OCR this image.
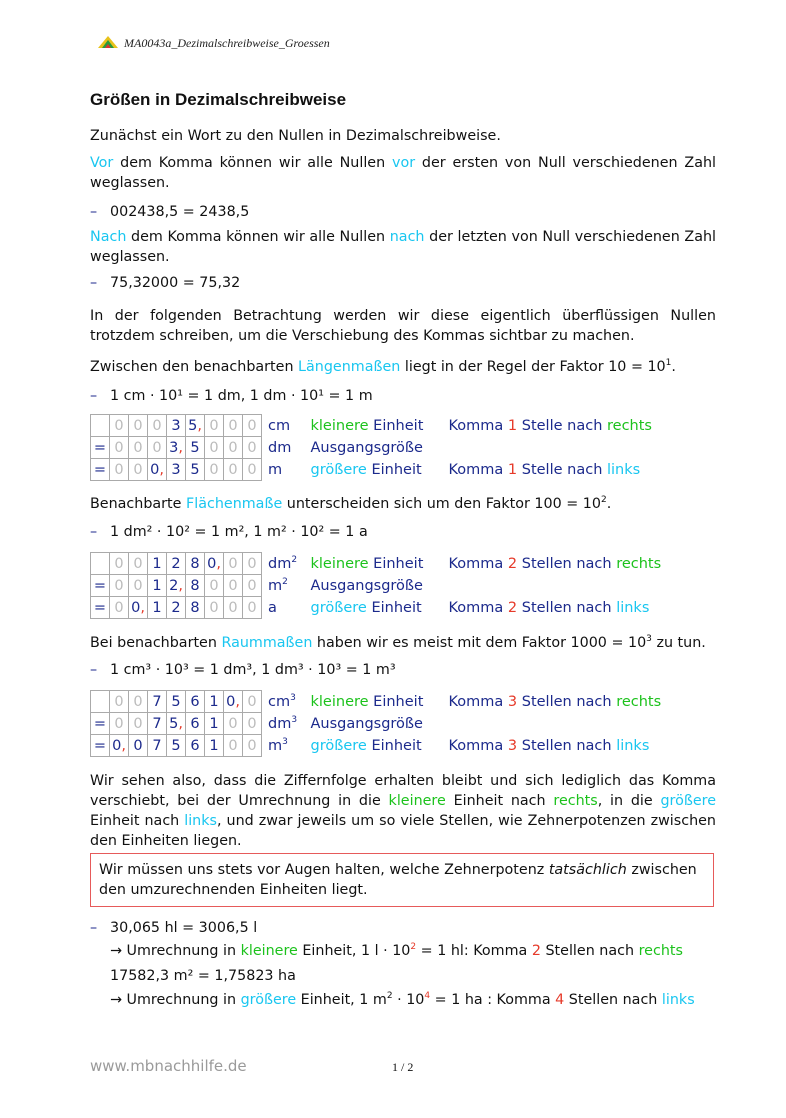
MA0043a_Dezimalschreibweise_Groessen
Größen in Dezimalschreibweise
Zunächst ein Wort zu den Nullen in Dezimalschreibweise.
Vor dem Komma können wir alle Nullen vor der ersten von Null verschiedenen Zahl weglassen.
– 002438,5 = 2438,5
Nach dem Komma können wir alle Nullen nach der letzten von Null verschiedenen Zahl weglassen.
– 75,32000 = 75,32
In der folgenden Betrachtung werden wir diese eigentlich überflüssigen Nullen trotzdem schreiben, um die Verschiebung des Kommas sichtbar zu machen.
Zwischen den benachbarten Längenmaßen liegt in der Regel der Faktor $10 = 10^1$.
– 1 cm · 10¹ = 1 dm, 1 dm · 10¹ = 1 m
	0	0	0	3	5,	0	0	0	cm	kleinere Einheit	Komma 1 Stelle nach rechts
=	0	0	0	3,	5	0	0	0	dm	Ausgangsgröße	
=	0	0	0,	3	5	0	0	0	m	größere Einheit	Komma 1 Stelle nach links
Benachbarte Flächenmaße unterscheiden sich um den Faktor $100 = 10^2$.
– 1 dm² · 10² = 1 m², 1 m² · 10² = 1 a
	0	0	1	2	8	0,	0	0	$dm^2$	kleinere Einheit	Komma 2 Stellen nach rechts
=	0	0	1	2,	8	0	0	0	$m^2$	Ausgangsgröße	
=	0	0,	1	2	8	0	0	0	a	größere Einheit	Komma 2 Stellen nach links
Bei benachbarten Raummaßen haben wir es meist mit dem Faktor $1000 = 10^3$ zu tun.
– 1 cm³ · 10³ = 1 dm³, 1 dm³ · 10³ = 1 m³
	0	0	7	5	6	1	0,	0	$cm^3$	kleinere Einheit	Komma 3 Stellen nach rechts
=	0	0	7	5,	6	1	0	0	$dm^3$	Ausgangsgröße	
=	0,	0	7	5	6	1	0	0	$m^3$	größere Einheit	Komma 3 Stellen nach links
Wir sehen also, dass die Ziffernfolge erhalten bleibt und sich lediglich das Komma verschiebt, bei der Umrechnung in die kleinere Einheit nach rechts, in die größere Einheit nach links, und zwar jeweils um so viele Stellen, wie Zehnerpotenzen zwischen den Einheiten liegen.
Wir müssen uns stets vor Augen halten, welche Zehnerpotenz tatsächlich zwischen den umzurechnenden Einheiten liegt.
– 30,065 hl = 3006,5 l
→ Umrechnung in kleinere Einheit, 1 $l \cdot 10^2 = 1$ hl: Komma 2 Stellen nach rechts
17582,3 m² = 1,75823 ha
→ Umrechnung in größere Einheit, 1 $m^2 \cdot 10^4 = 1$ ha : Komma 4 Stellen nach links
www.mbnachhilfe.de	1 / 2
